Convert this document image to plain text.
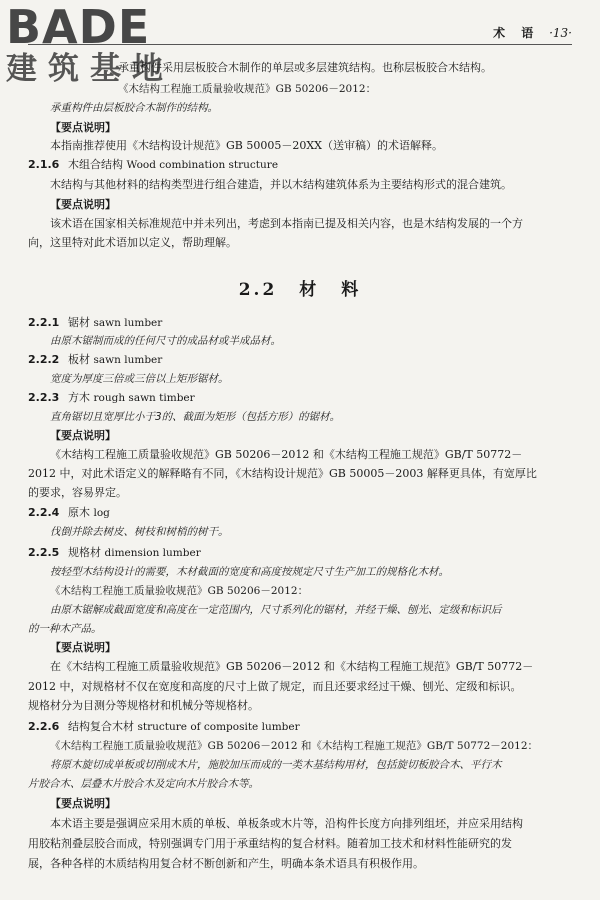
BADE
建筑基地
术 语 ·13·
承重构件采用层板胶合木制作的单层或多层建筑结构。也称层板胶合木结构。
《木结构工程施工质量验收规范》GB 50206－2012：
承重构件由层板胶合木制作的结构。
【要点说明】
本指南推荐使用《木结构设计规范》GB 50005－20XX（送审稿）的术语解释。
2.1.6 木组合结构 Wood combination structure
木结构与其他材料的结构类型进行组合建造，并以木结构建筑体系为主要结构形式的混合建筑。
【要点说明】
该术语在国家相关标准规范中并未列出，考虑到本指南已提及相关内容，也是木结构发展的一个方
向，这里特对此术语加以定义，帮助理解。
2.2 材 料
2.2.1 锯材 sawn lumber
由原木锯制而成的任何尺寸的成品材或半成品材。
2.2.2 板材 sawn lumber
宽度为厚度三倍或三倍以上矩形锯材。
2.2.3 方木 rough sawn timber
直角锯切且宽厚比小于3的、截面为矩形（包括方形）的锯材。
【要点说明】
《木结构工程施工质量验收规范》GB 50206－2012 和《木结构工程施工规范》GB/T 50772－
2012 中，对此术语定义的解释略有不同，《木结构设计规范》GB 50005－2003 解释更具体，有宽厚比
的要求，容易界定。
2.2.4 原木 log
伐倒并除去树皮、树枝和树梢的树干。
2.2.5 规格材 dimension lumber
按轻型木结构设计的需要，木材截面的宽度和高度按规定尺寸生产加工的规格化木材。
《木结构工程施工质量验收规范》GB 50206－2012：
由原木锯解成截面宽度和高度在一定范围内，尺寸系列化的锯材，并经干燥、刨光、定级和标识后
的一种木产品。
【要点说明】
在《木结构工程施工质量验收规范》GB 50206－2012 和《木结构工程施工规范》GB/T 50772－
2012 中，对规格材不仅在宽度和高度的尺寸上做了规定，而且还要求经过干燥、刨光、定级和标识。
规格材分为目测分等规格材和机械分等规格材。
2.2.6 结构复合木材 structure of composite lumber
《木结构工程施工质量验收规范》GB 50206－2012 和《木结构工程施工规范》GB/T 50772－2012：
将原木旋切成单板或切削成木片，施胶加压而成的一类木基结构用材，包括旋切板胶合木、平行木
片胶合木、层叠木片胶合木及定向木片胶合木等。
【要点说明】
本术语主要是强调应采用木质的单板、单板条或木片等，沿构件长度方向排列组坯，并应采用结构
用胶粘剂叠层胶合而成，特别强调专门用于承重结构的复合材料。随着加工技术和材料性能研究的发
展，各种各样的木质结构用复合材不断创新和产生，明确本条术语具有积极作用。
